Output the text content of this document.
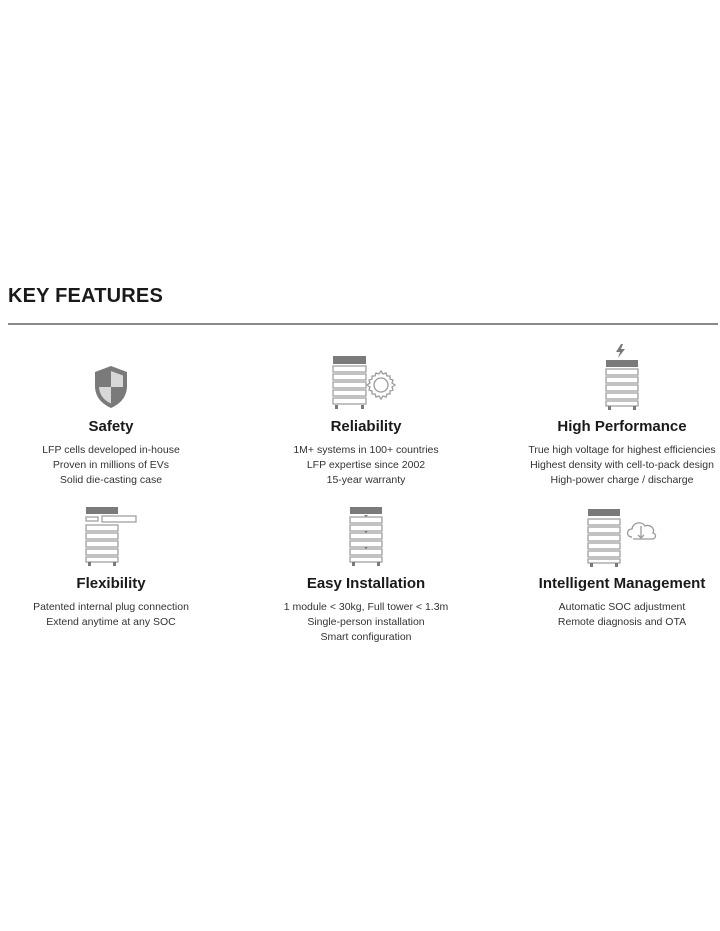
KEY FEATURES
Safety
LFP cells developed in-house
Proven in millions of EVs
Solid die-casting case
Reliability
1M+ systems in 100+ countries
LFP expertise since 2002
15-year warranty
High Performance
True high voltage for highest efficiencies
Highest density with cell-to-pack design
High-power charge / discharge
Flexibility
Patented internal plug connection
Extend anytime at any SOC
Easy Installation
1 module < 30kg, Full tower < 1.3m
Single-person installation
Smart configuration
Intelligent Management
Automatic SOC adjustment
Remote diagnosis and OTA
